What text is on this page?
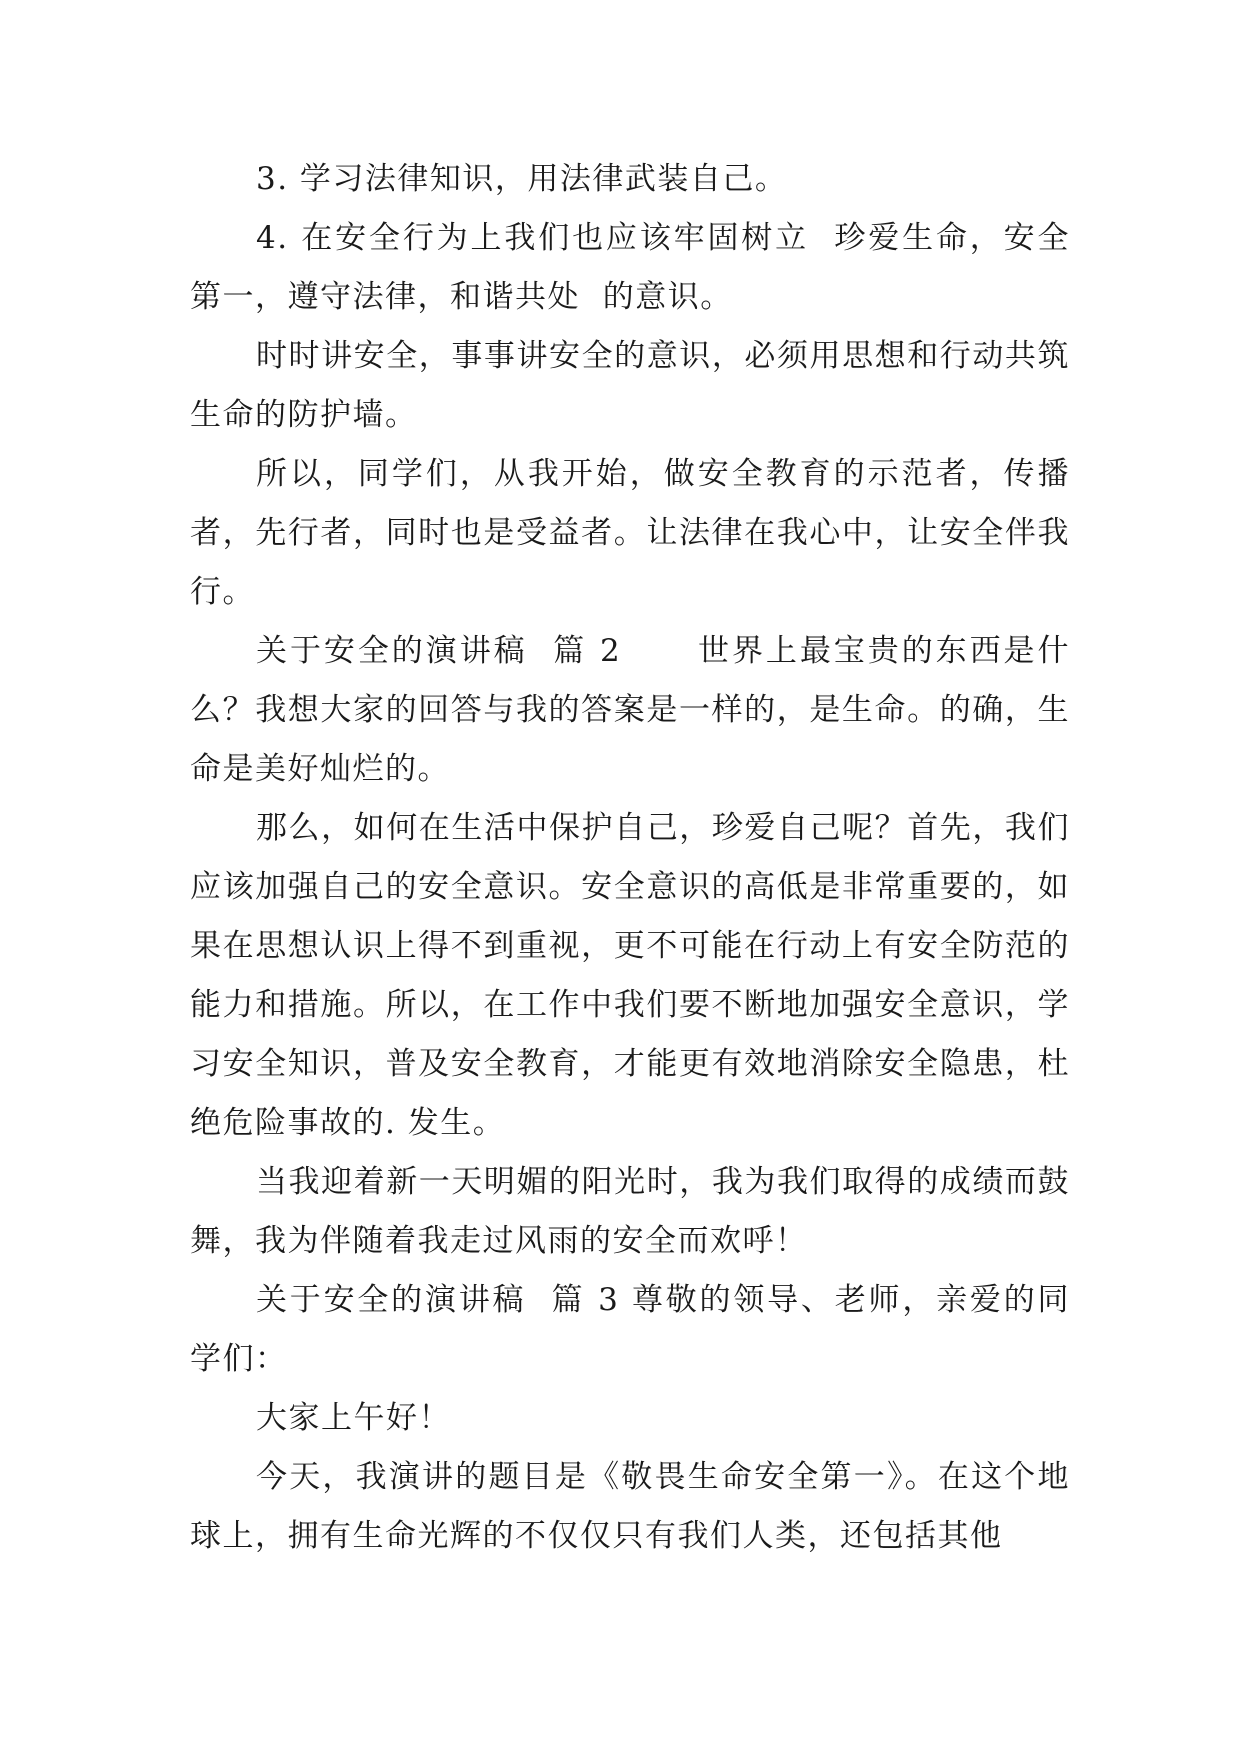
3. 学习法律知识，用法律武装自己。

4. 在安全行为上我们也应该牢固树立  珍爱生命，安全第一，遵守法律，和谐共处  的意识。

时时讲安全，事事讲安全的意识，必须用思想和行动共筑生命的防护墙。

所以，同学们，从我开始，做安全教育的示范者，传播者，先行者，同时也是受益者。让法律在我心中，让安全伴我行。

关于安全的演讲稿  篇 2      世界上最宝贵的东西是什么？我想大家的回答与我的答案是一样的，是生命。的确，生命是美好灿烂的。

那么，如何在生活中保护自己，珍爱自己呢？首先，我们应该加强自己的安全意识。安全意识的高低是非常重要的，如果在思想认识上得不到重视，更不可能在行动上有安全防范的能力和措施。所以，在工作中我们要不断地加强安全意识，学习安全知识，普及安全教育，才能更有效地消除安全隐患，杜绝危险事故的. 发生。

当我迎着新一天明媚的阳光时，我为我们取得的成绩而鼓舞，我为伴随着我走过风雨的安全而欢呼！

关于安全的演讲稿  篇 3 尊敬的领导、老师，亲爱的同学们：

大家上午好！

今天，我演讲的题目是《敬畏生命安全第一》。在这个地球上，拥有生命光辉的不仅仅只有我们人类，还包括其他
